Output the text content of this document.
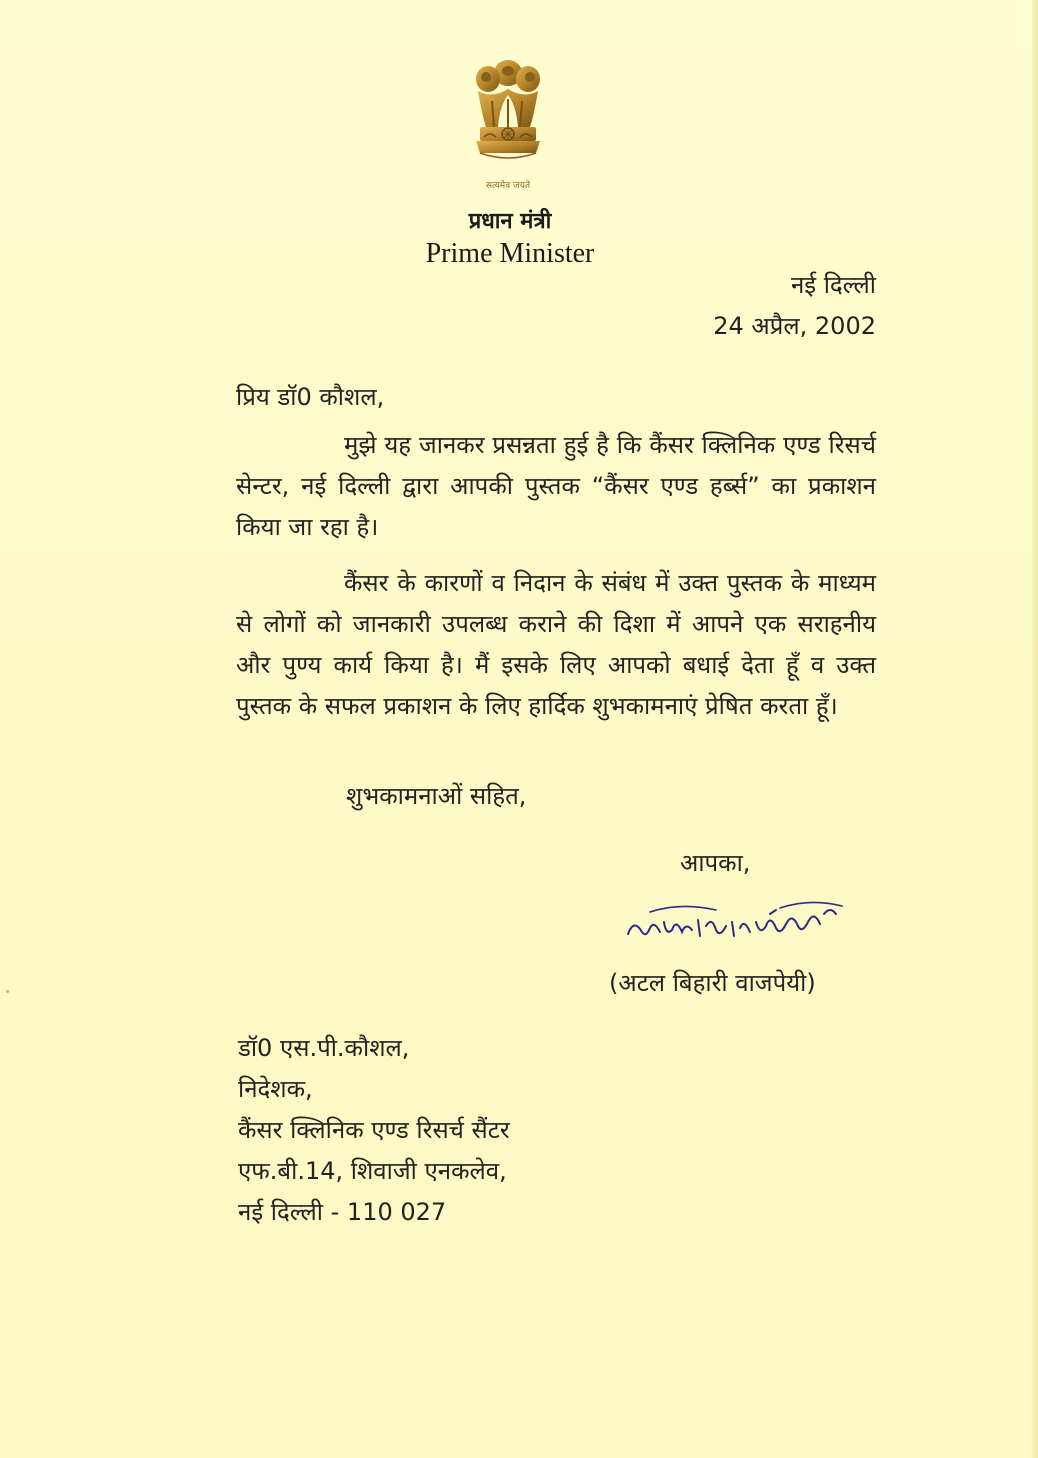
सत्यमेव जयते
प्रधान मंत्री
Prime Minister
नई दिल्ली
24 अप्रैल, 2002
प्रिय डॉ0 कौशल,
मुझे यह जानकर प्रसन्नता हुई है कि कैंसर क्लिनिक एण्ड रिसर्च सेन्टर, नई दिल्ली द्वारा आपकी पुस्तक “कैंसर एण्ड हर्ब्स” का प्रकाशन किया जा रहा है।
कैंसर के कारणों व निदान के संबंध में उक्त पुस्तक के माध्यम से लोगों को जानकारी उपलब्ध कराने की दिशा में आपने एक सराहनीय और पुण्य कार्य किया है। मैं इसके लिए आपको बधाई देता हूँ व उक्त पुस्तक के सफल प्रकाशन के लिए हार्दिक शुभकामनाएं प्रेषित करता हूँ।
शुभकामनाओं सहित,
आपका,
(अटल बिहारी वाजपेयी)
डॉ0 एस.पी.कौशल,
निदेशक,
कैंसर क्लिनिक एण्ड रिसर्च सैंटर
एफ.बी.14, शिवाजी एनकलेव,
नई दिल्ली - 110 027
